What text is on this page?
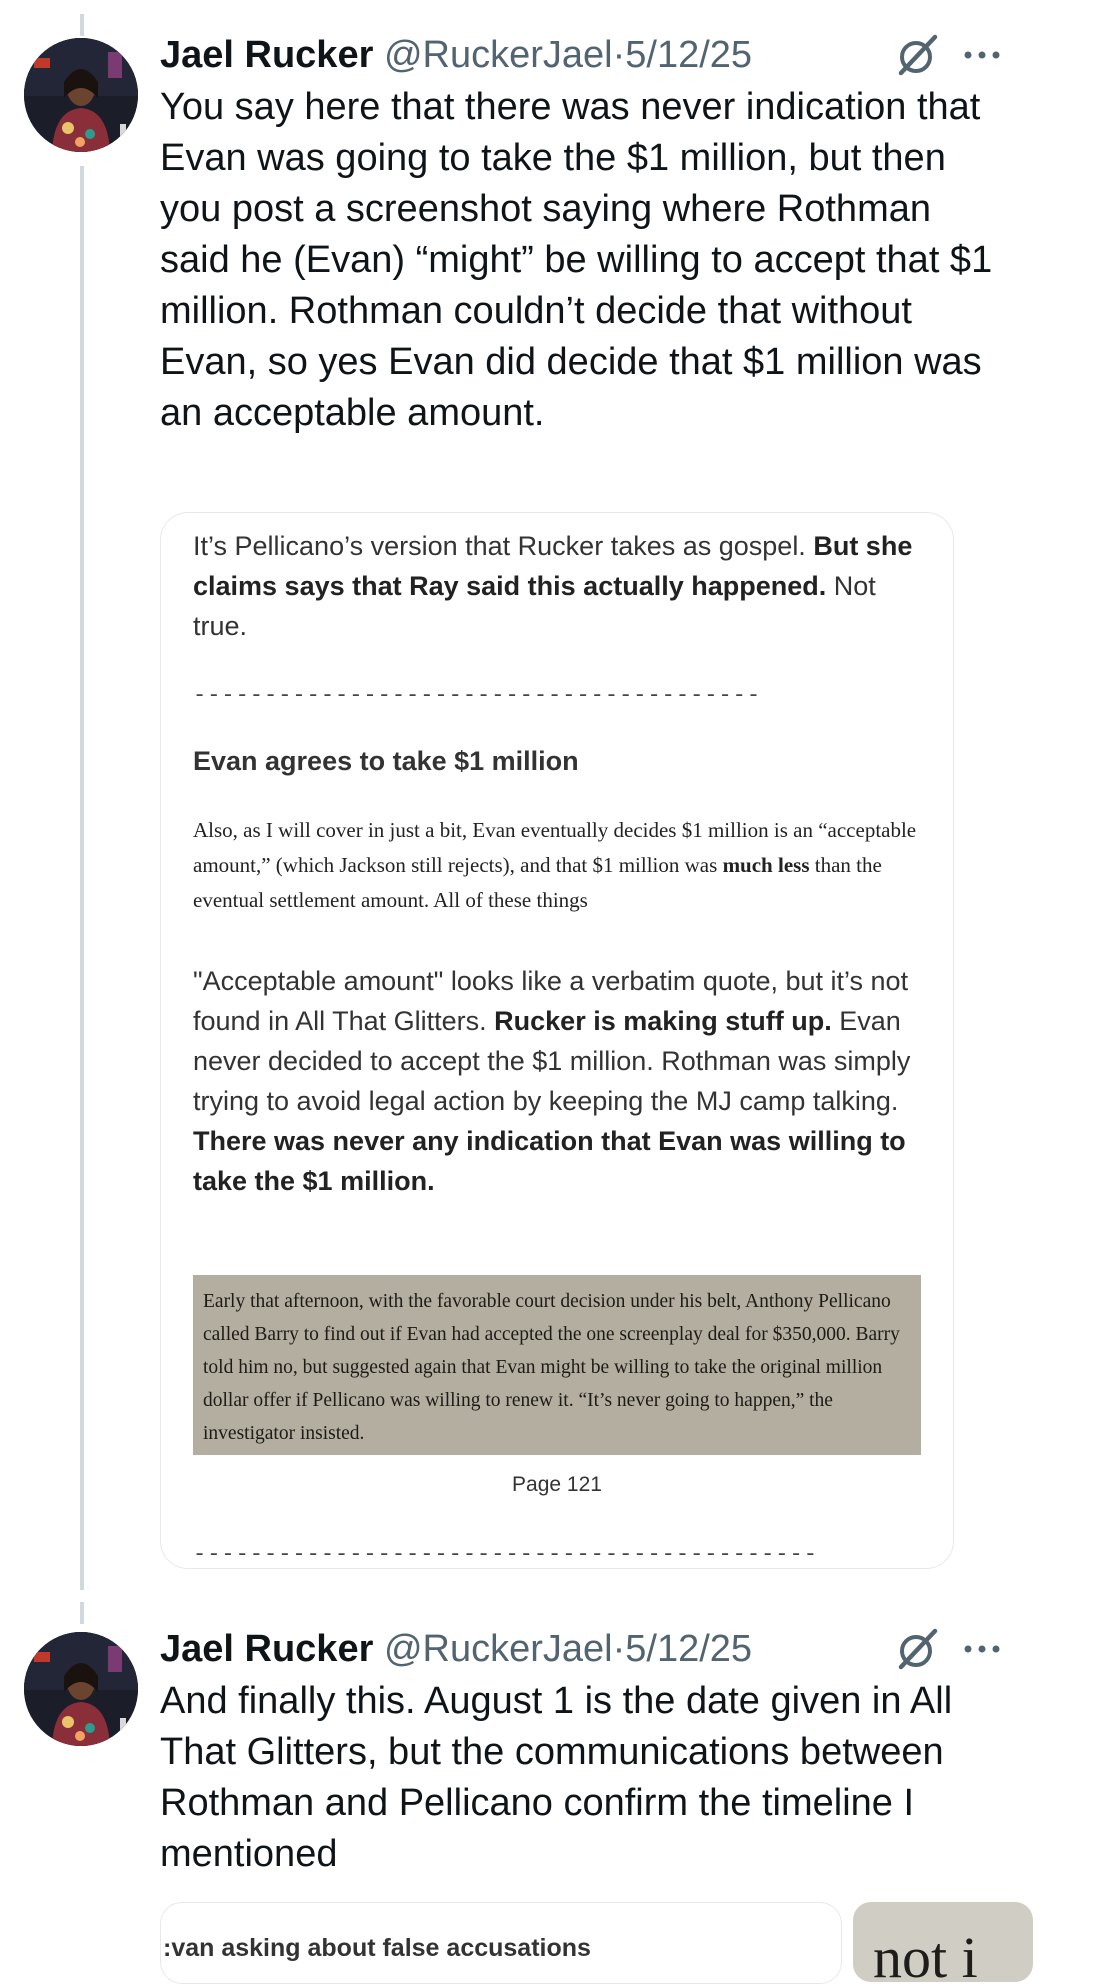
Jael Rucker @RuckerJael·5/12/25

You say here that there was never indication that Evan was going to take the $1 million, but then you post a screenshot saying where Rothman said he (Evan) “might” be willing to accept that $1 million. Rothman couldn’t decide that without Evan, so yes Evan did decide that $1 million was an acceptable amount.

It’s Pellicano’s version that Rucker takes as gospel. But she claims says that Ray said this actually happened. Not true.

----------------------------------------
Evan agrees to take $1 million

Also, as I will cover in just a bit, Evan eventually decides $1 million is an “acceptable amount,” (which Jackson still rejects), and that $1 million was much less than the eventual settlement amount. All of these things

"Acceptable amount" looks like a verbatim quote, but it’s not found in All That Glitters. Rucker is making stuff up. Evan never decided to accept the $1 million. Rothman was simply trying to avoid legal action by keeping the MJ camp talking. There was never any indication that Evan was willing to take the $1 million.

Early that afternoon, with the favorable court decision under his belt, Anthony Pellicano called Barry to find out if Evan had accepted the one screenplay deal for $350,000. Barry told him no, but suggested again that Evan might be willing to take the original million dollar offer if Pellicano was willing to renew it. “It’s never going to happen,” the investigator insisted.

Page 121
--------------------------------------------
Jael Rucker @RuckerJael·5/12/25

And finally this. August 1 is the date given in All That Glitters, but the communications between Rothman and Pellicano confirm the timeline I mentioned

:van asking about false accusations	not i
